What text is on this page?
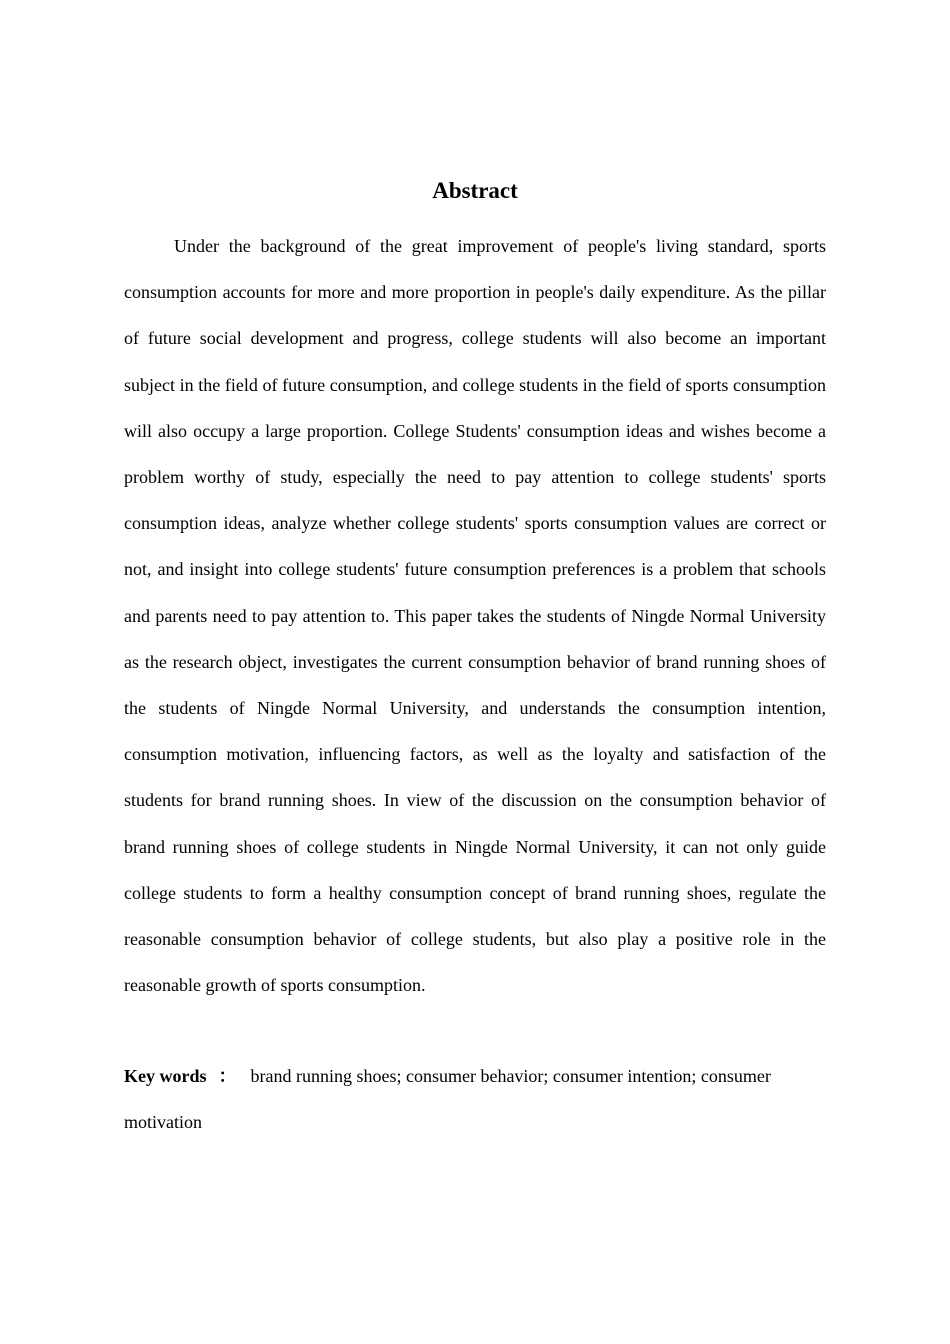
Abstract

Under the background of the great improvement of people's living standard, sports consumption accounts for more and more proportion in people's daily expenditure. As the pillar of future social development and progress, college students will also become an important subject in the field of future consumption, and college students in the field of sports consumption will also occupy a large proportion. College Students' consumption ideas and wishes become a problem worthy of study, especially the need to pay attention to college students' sports consumption ideas, analyze whether college students' sports consumption values are correct or not, and insight into college students' future consumption preferences is a problem that schools and parents need to pay attention to. This paper takes the students of Ningde Normal University as the research object, investigates the current consumption behavior of brand running shoes of the students of Ningde Normal University, and understands the consumption intention, consumption motivation, influencing factors, as well as the loyalty and satisfaction of the students for brand running shoes. In view of the discussion on the consumption behavior of brand running shoes of college students in Ningde Normal University, it can not only guide college students to form a healthy consumption concept of brand running shoes, regulate the reasonable consumption behavior of college students, but also play a positive role in the reasonable growth of sports consumption.

Key words ： brand running shoes; consumer behavior; consumer intention; consumer motivation
